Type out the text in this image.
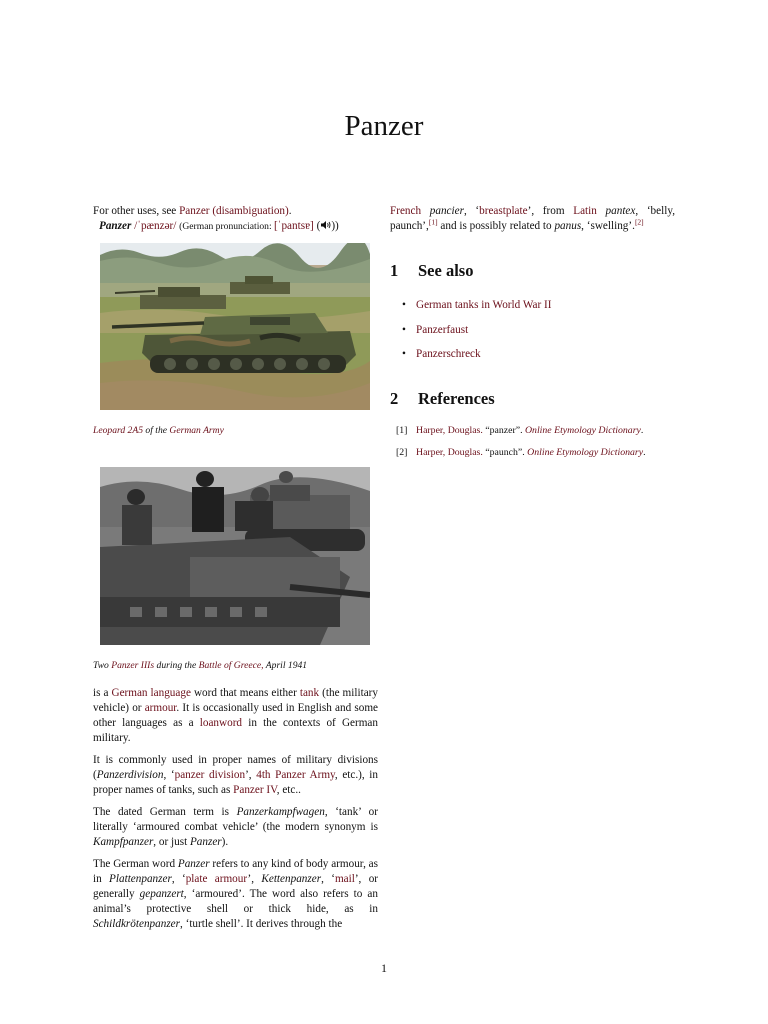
Panzer
For other uses, see Panzer (disambiguation).
Panzer /ˈpænzər/ (German pronunciation: [ˈpantsɐ] ( ))
Leopard 2A5 of the German Army
Two Panzer IIIs during the Battle of Greece, April 1941

is a German language word that means either tank (the military vehicle) or armour. It is occasionally used in English and some other languages as a loanword in the contexts of German military.

It is commonly used in proper names of military divisions (Panzerdivision, ‘panzer division’, 4th Panzer Army, etc.), in proper names of tanks, such as Panzer IV, etc..

The dated German term is Panzerkampfwagen, ‘tank’ or literally ‘armoured combat vehicle’ (the modern synonym is Kampfpanzer, or just Panzer).

The German word Panzer refers to any kind of body armour, as in Plattenpanzer, ‘plate armour’, Kettenpanzer, ‘mail’, or generally gepanzert, ‘armoured’. The word also refers to an animal’s protective shell or thick hide, as in Schildkrötenpanzer, ‘turtle shell’. It derives through the

French pancier, ‘breastplate’, from Latin pantex, ‘belly, paunch’,[1] and is possibly related to panus, ‘swelling’.[2]

1 See also
• German tanks in World War II
• Panzerfaust
• Panzerschreck
2 References
[1] Harper, Douglas. “panzer”. Online Etymology Dictionary.
[2] Harper, Douglas. “paunch”. Online Etymology Dictionary.
1
